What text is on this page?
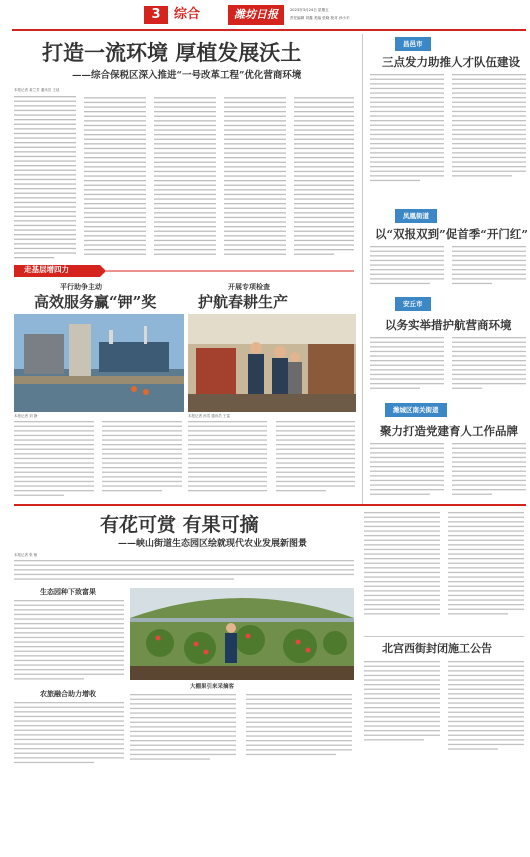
3	综合	潍坊日报	2023年3月24日 星期五
责任编辑 刘鑫 美编 张晓 校对 孙小平
打造一流环境 厚植发展沃土
——综合保税区深入推进“一号改革工程”优化营商环境
本报记者 姜兰芳 通讯员 王延
走基层增四力
平行助争主动
高效服务赢“钾”奖
开展专项检查
护航春耕生产
本报记者 刘 静	本报记者 孙雪 通讯员 王雷
有花可赏 有果可摘
——峡山街道生态园区绘就现代农业发展新图景
本报记者 张 敏
生态园种下致富果
农旅融合助力增收
大棚果引来采摘客
昌邑市
三点发力助推人才队伍建设
凤凰街道
以“双报双到”促首季“开门红”
安丘市
以务实举措护航营商环境
潍城区南关街道
聚力打造党建育人工作品牌
北宫西街封闭施工公告
